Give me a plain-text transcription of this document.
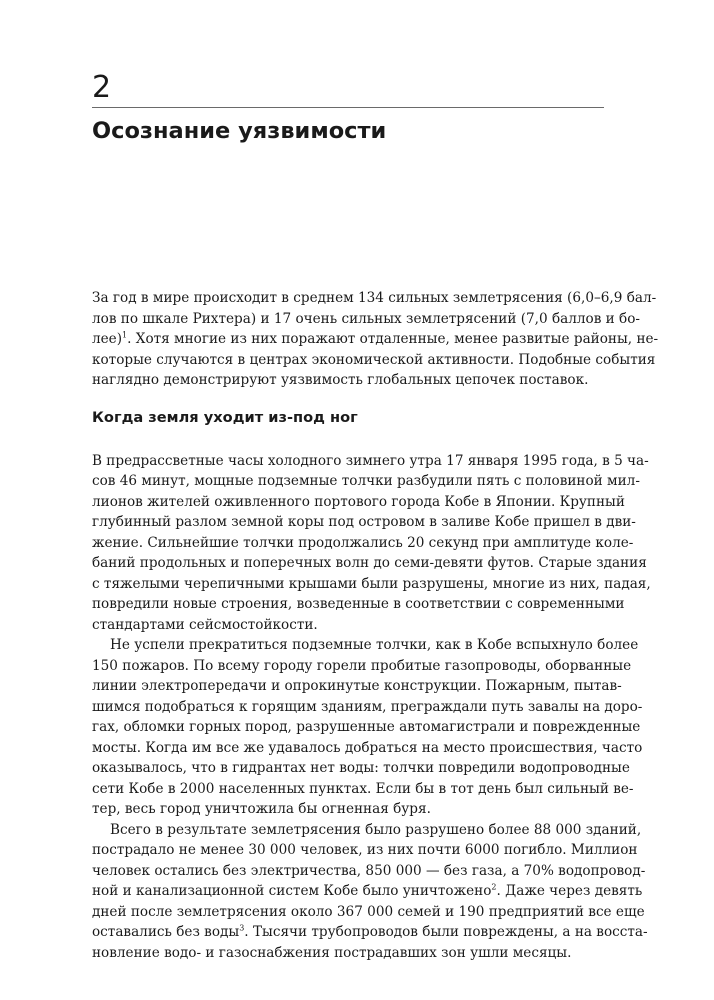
2
Осознание уязвимости

За год в мире происходит в среднем 134 сильных землетрясения (6,0–6,9 бал-
лов по шкале Рихтера) и 17 очень сильных землетрясений (7,0 баллов и бо-
лее)$^1$. Хотя многие из них поражают отдаленные, менее развитые районы, не-
которые случаются в центрах экономической активности. Подобные события
наглядно демонстрируют уязвимость глобальных цепочек поставок.

Когда земля уходит из-под ног

В предрассветные часы холодного зимнего утра 17 января 1995 года, в 5 ча-
сов 46 минут, мощные подземные толчки разбудили пять с половиной мил-
лионов жителей оживленного портового города Кобе в Японии. Крупный
глубинный разлом земной коры под островом в заливе Кобе пришел в дви-
жение. Сильнейшие толчки продолжались 20 секунд при амплитуде коле-
баний продольных и поперечных волн до семи-девяти футов. Старые здания
с тяжелыми черепичными крышами были разрушены, многие из них, падая,
повредили новые строения, возведенные в соответствии с современными
стандартами сейсмостойкости.

Не успели прекратиться подземные толчки, как в Кобе вспыхнуло более
150 пожаров. По всему городу горели пробитые газопроводы, оборванные
линии электропередачи и опрокинутые конструкции. Пожарным, пытав-
шимся подобраться к горящим зданиям, преграждали путь завалы на доро-
гах, обломки горных пород, разрушенные автомагистрали и поврежденные
мосты. Когда им все же удавалось добраться на место происшествия, часто
оказывалось, что в гидрантах нет воды: толчки повредили водопроводные
сети Кобе в 2000 населенных пунктах. Если бы в тот день был сильный ве-
тер, весь город уничтожила бы огненная буря.

Всего в результате землетрясения было разрушено более 88 000 зданий,
пострадало не менее 30 000 человек, из них почти 6000 погибло. Миллион
человек остались без электричества, 850 000 — без газа, а 70% водопровод-
ной и канализационной систем Кобе было уничтожено$^2$. Даже через девять
дней после землетрясения около 367 000 семей и 190 предприятий все еще
оставались без воды$^3$. Тысячи трубопроводов были повреждены, а на восста-
новление водо- и газоснабжения пострадавших зон ушли месяцы.
